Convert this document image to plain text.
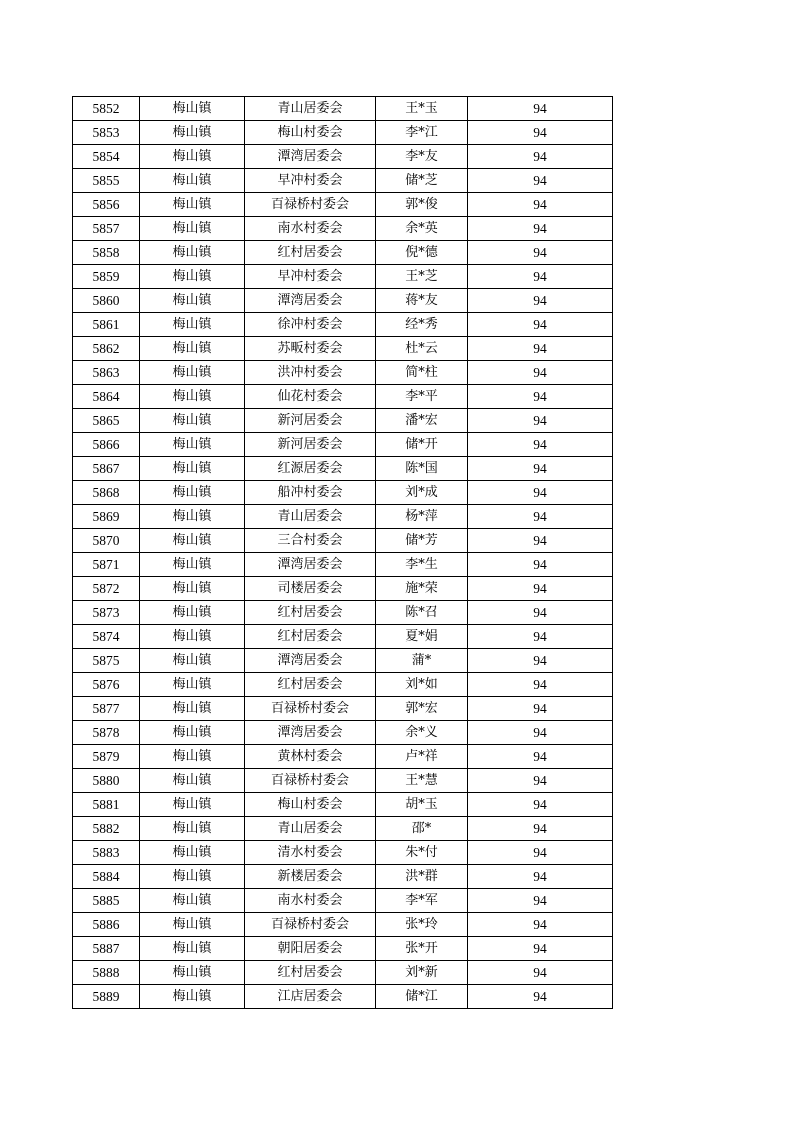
5852	梅山镇	青山居委会	王*玉	94
5853	梅山镇	梅山村委会	李*江	94
5854	梅山镇	潭湾居委会	李*友	94
5855	梅山镇	早冲村委会	储*芝	94
5856	梅山镇	百禄桥村委会	郭*俊	94
5857	梅山镇	南水村委会	余*英	94
5858	梅山镇	红村居委会	倪*德	94
5859	梅山镇	早冲村委会	王*芝	94
5860	梅山镇	潭湾居委会	蒋*友	94
5861	梅山镇	徐冲村委会	经*秀	94
5862	梅山镇	苏畈村委会	杜*云	94
5863	梅山镇	洪冲村委会	简*柱	94
5864	梅山镇	仙花村委会	李*平	94
5865	梅山镇	新河居委会	潘*宏	94
5866	梅山镇	新河居委会	储*开	94
5867	梅山镇	红源居委会	陈*国	94
5868	梅山镇	船冲村委会	刘*成	94
5869	梅山镇	青山居委会	杨*萍	94
5870	梅山镇	三合村委会	储*芳	94
5871	梅山镇	潭湾居委会	李*生	94
5872	梅山镇	司楼居委会	施*荣	94
5873	梅山镇	红村居委会	陈*召	94
5874	梅山镇	红村居委会	夏*娟	94
5875	梅山镇	潭湾居委会	蒲*	94
5876	梅山镇	红村居委会	刘*如	94
5877	梅山镇	百禄桥村委会	郭*宏	94
5878	梅山镇	潭湾居委会	余*义	94
5879	梅山镇	黄林村委会	卢*祥	94
5880	梅山镇	百禄桥村委会	王*慧	94
5881	梅山镇	梅山村委会	胡*玉	94
5882	梅山镇	青山居委会	邵*	94
5883	梅山镇	清水村委会	朱*付	94
5884	梅山镇	新楼居委会	洪*群	94
5885	梅山镇	南水村委会	李*军	94
5886	梅山镇	百禄桥村委会	张*玲	94
5887	梅山镇	朝阳居委会	张*开	94
5888	梅山镇	红村居委会	刘*新	94
5889	梅山镇	江店居委会	储*江	94
